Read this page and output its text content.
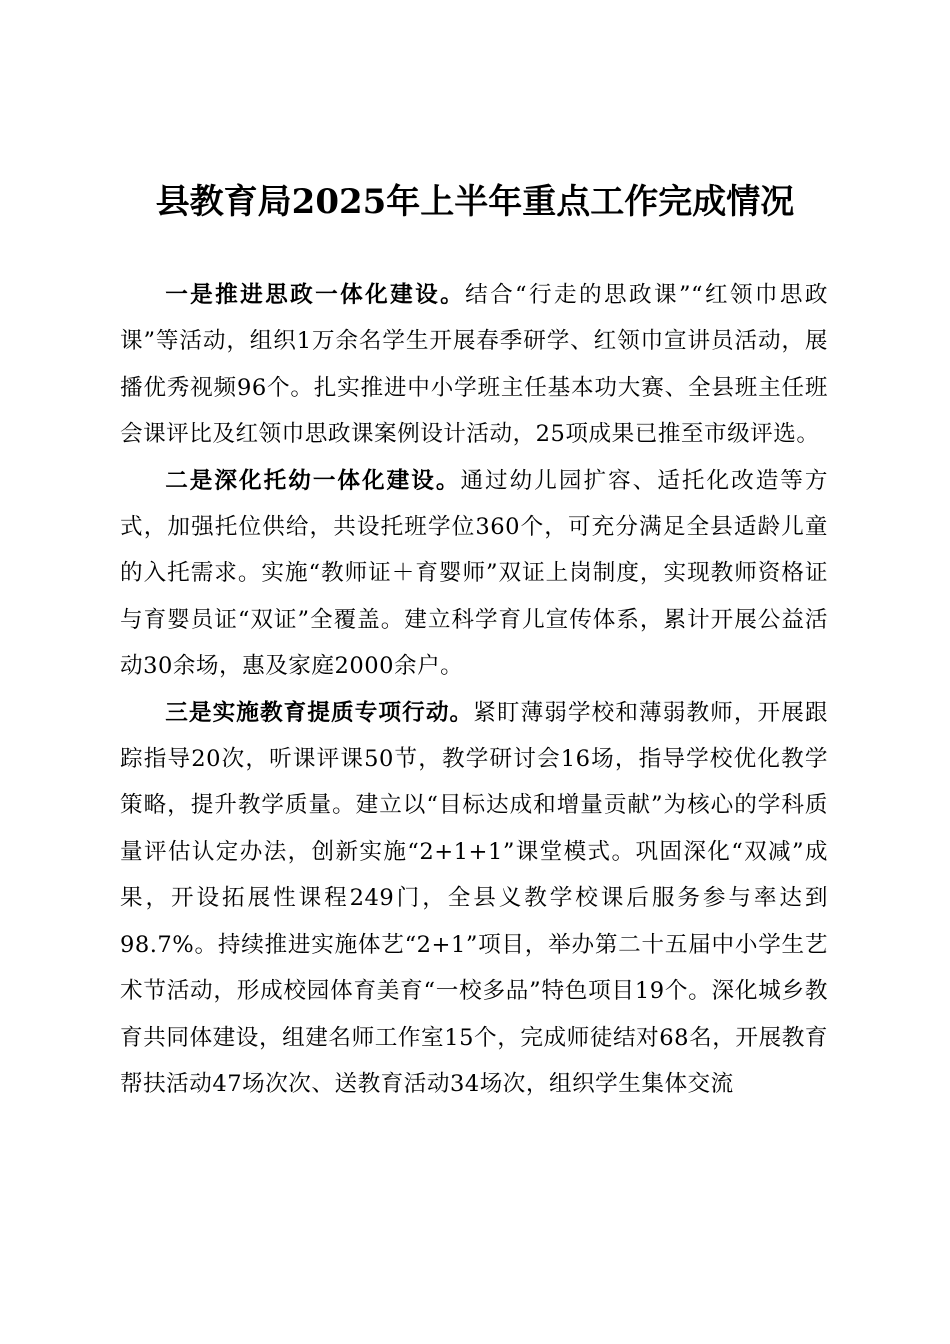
县教育局2025年上半年重点工作完成情况

一是推进思政一体化建设。结合“行走的思政课”“红领巾思政课”等活动，组织1万余名学生开展春季研学、红领巾宣讲员活动，展播优秀视频96个。扎实推进中小学班主任基本功大赛、全县班主任班会课评比及红领巾思政课案例设计活动，25项成果已推至市级评选。

二是深化托幼一体化建设。通过幼儿园扩容、适托化改造等方式，加强托位供给，共设托班学位360个，可充分满足全县适龄儿童的入托需求。实施“教师证＋育婴师”双证上岗制度，实现教师资格证与育婴员证“双证”全覆盖。建立科学育儿宣传体系，累计开展公益活动30余场，惠及家庭2000余户。

三是实施教育提质专项行动。紧盯薄弱学校和薄弱教师，开展跟踪指导20次，听课评课50节，教学研讨会16场，指导学校优化教学策略，提升教学质量。建立以“目标达成和增量贡献”为核心的学科质量评估认定办法，创新实施“2+1+1”课堂模式。巩固深化“双减”成果，开设拓展性课程249门，全县义教学校课后服务参与率达到98.7%。持续推进实施体艺“2+1”项目，举办第二十五届中小学生艺术节活动，形成校园体育美育“一校多品”特色项目19个。深化城乡教育共同体建设，组建名师工作室15个，完成师徒结对68名，开展教育帮扶活动47场次次、送教育活动34场次，组织学生集体交流
